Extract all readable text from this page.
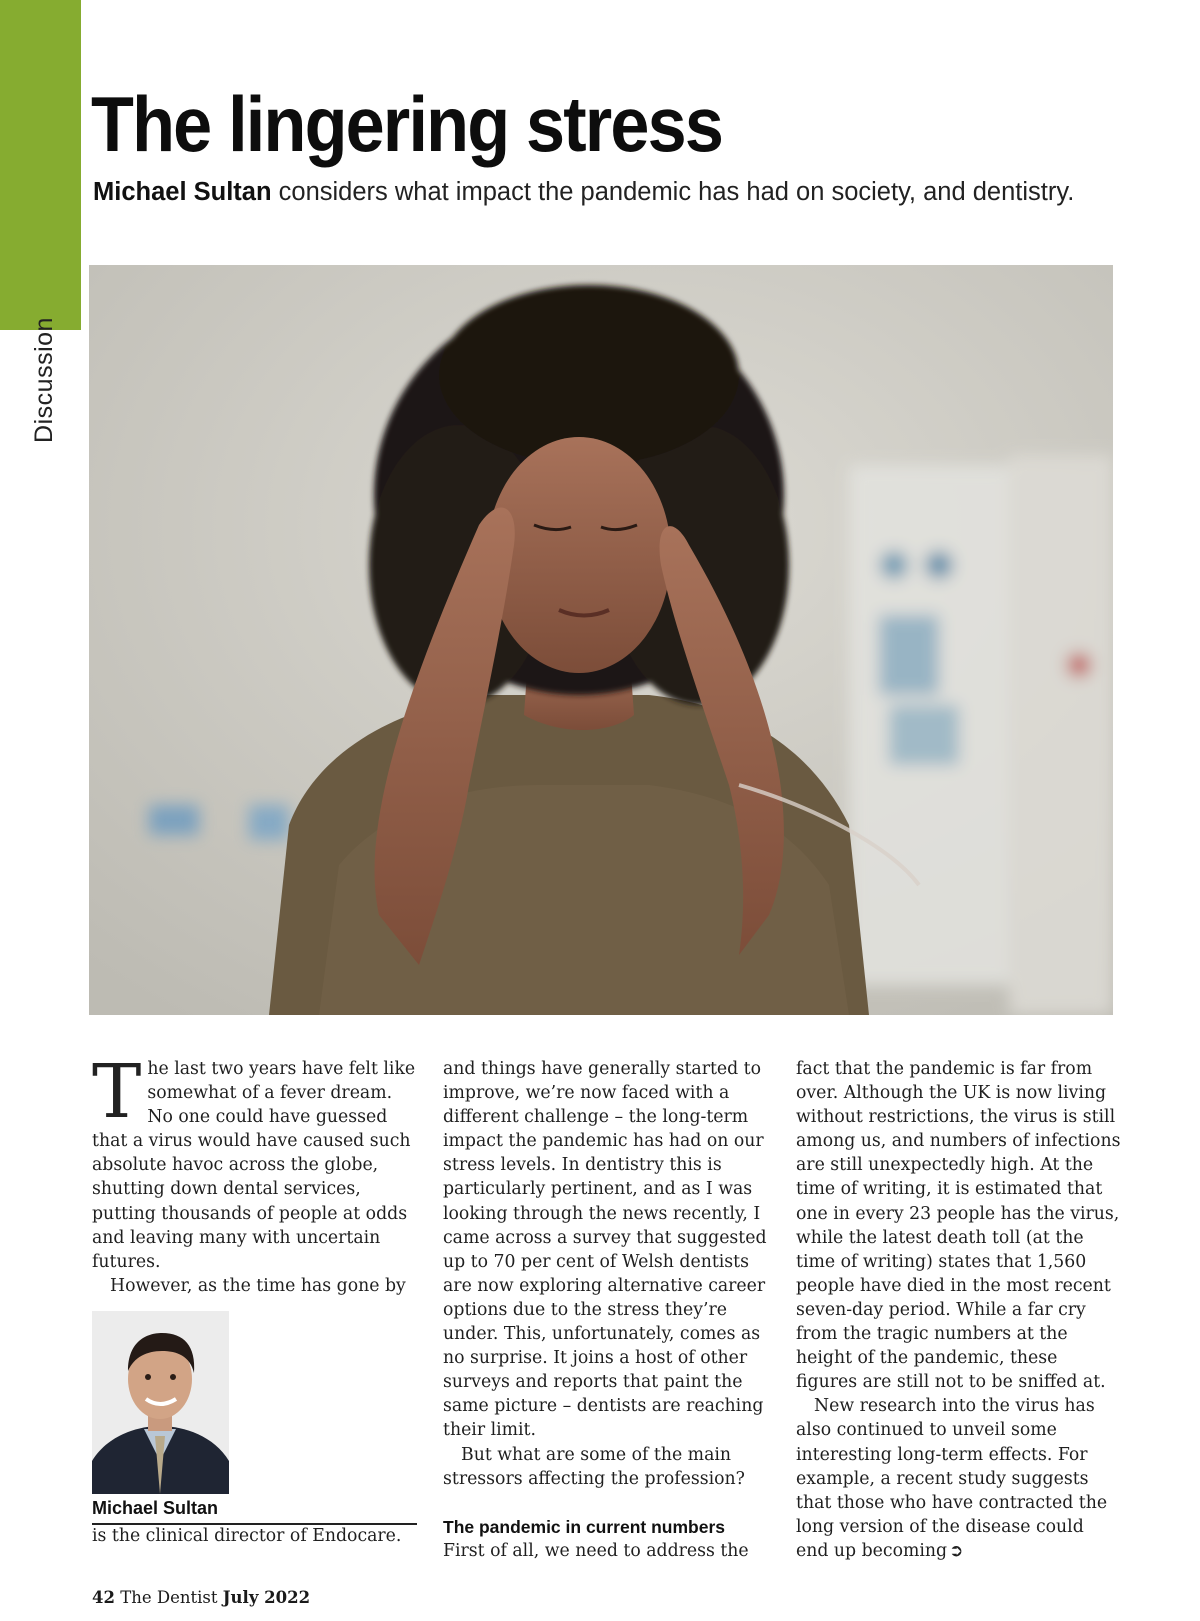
Discussion
The lingering stress

Michael Sultan considers what impact the pandemic has had on society, and dentistry.

The last two years have felt like somewhat of a fever dream. No one could have guessed that a virus would have caused such absolute havoc across the globe, shutting down dental services, putting thousands of people at odds and leaving many with uncertain futures.

However, as the time has gone by

and things have generally started to improve, we’re now faced with a different challenge – the long-term impact the pandemic has had on our stress levels. In dentistry this is particularly pertinent, and as I was looking through the news recently, I came across a survey that suggested up to 70 per cent of Welsh dentists are now exploring alternative career options due to the stress they’re under. This, unfortunately, comes as no surprise. It joins a host of other surveys and reports that paint the same picture – dentists are reaching their limit.

But what are some of the main stressors affecting the profession?

The pandemic in current numbers

First of all, we need to address the

fact that the pandemic is far from over. Although the UK is now living without restrictions, the virus is still among us, and numbers of infections are still unexpectedly high. At the time of writing, it is estimated that one in every 23 people has the virus, while the latest death toll (at the time of writing) states that 1,560 people have died in the most recent seven-day period. While a far cry from the tragic numbers at the height of the pandemic, these figures are still not to be sniffed at.

New research into the virus has also continued to unveil some interesting long-term effects. For example, a recent study suggests that those who have contracted the long version of the disease could end up becoming ➲

Michael Sultan
is the clinical director of Endocare.
42 The Dentist July 2022
